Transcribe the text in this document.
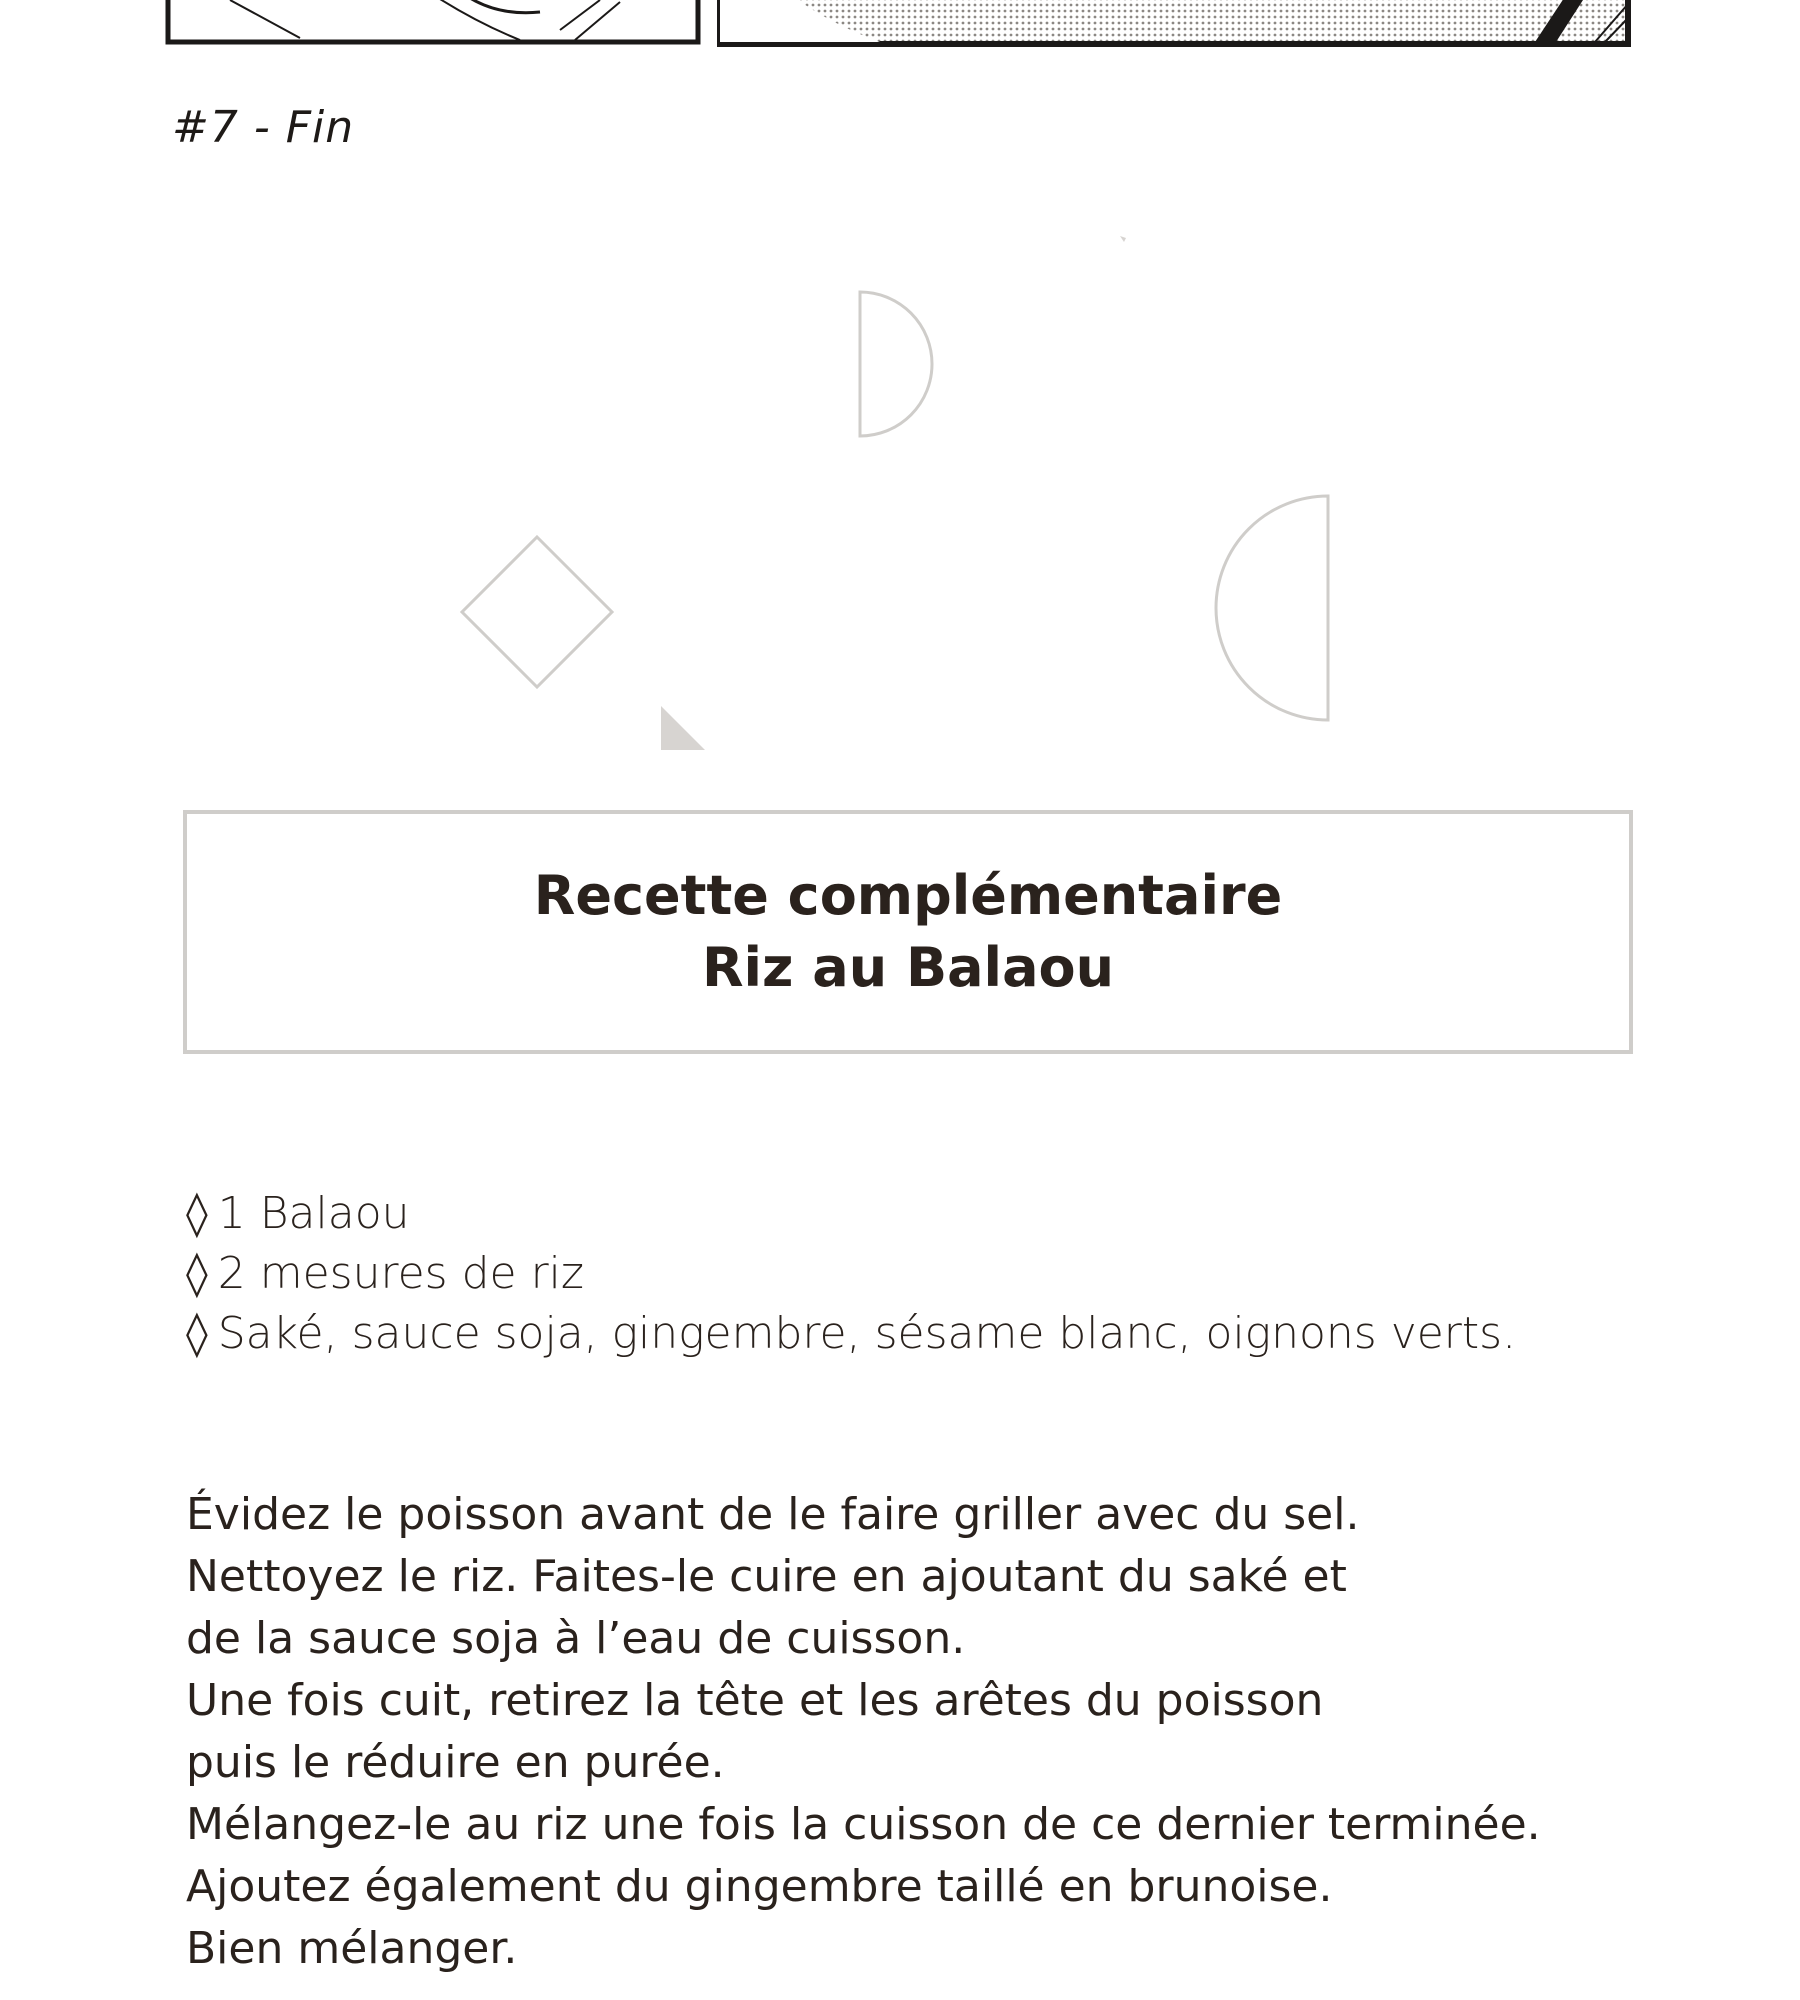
#7 - Fin
Recette complémentaire
Riz au Balaou
◊ 1 Balaou
◊ 2 mesures de riz
◊ Saké, sauce soja, gingembre, sésame blanc, oignons verts.
Évidez le poisson avant de le faire griller avec du sel.
Nettoyez le riz. Faites-le cuire en ajoutant du saké et
de la sauce soja à l’eau de cuisson.
Une fois cuit, retirez la tête et les arêtes du poisson
puis le réduire en purée.
Mélangez-le au riz une fois la cuisson de ce dernier terminée.
Ajoutez également du gingembre taillé en brunoise.
Bien mélanger.
